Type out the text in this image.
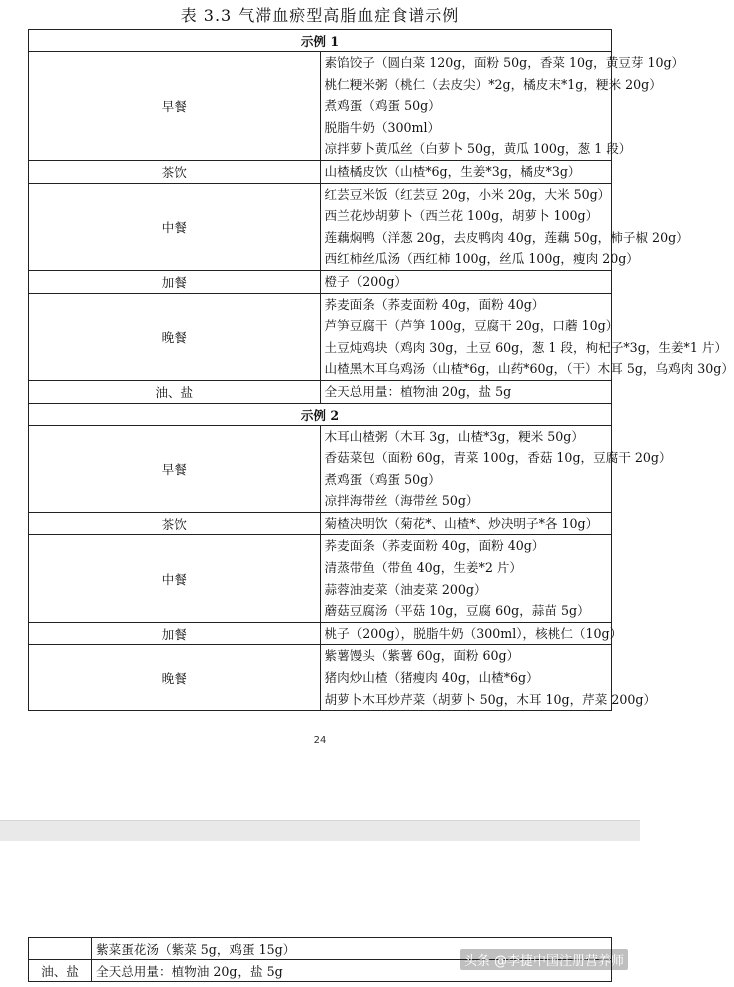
表 3.3 气滞血瘀型高脂血症食谱示例
示例 1	
早餐	素馅饺子（圆白菜 120g，面粉 50g，香菜 10g，黄豆芽 10g）
桃仁粳米粥（桃仁（去皮尖）*2g，橘皮末*1g，粳米 20g）
煮鸡蛋（鸡蛋 50g）
脱脂牛奶（300ml）
凉拌萝卜黄瓜丝（白萝卜 50g，黄瓜 100g，葱 1 段）

茶饮	山楂橘皮饮（山楂*6g，生姜*3g，橘皮*3g）

中餐	红芸豆米饭（红芸豆 20g，小米 20g，大米 50g）
西兰花炒胡萝卜（西兰花 100g，胡萝卜 100g）
莲藕焖鸭（洋葱 20g，去皮鸭肉 40g，莲藕 50g，柿子椒 20g）
西红柿丝瓜汤（西红柿 100g，丝瓜 100g，瘦肉 20g）

加餐	橙子（200g）

晚餐	荞麦面条（荞麦面粉 40g，面粉 40g）
芦笋豆腐干（芦笋 100g，豆腐干 20g，口蘑 10g）
土豆炖鸡块（鸡肉 30g，土豆 60g，葱 1 段，枸杞子*3g，生姜*1 片）
山楂黑木耳乌鸡汤（山楂*6g，山药*60g，（干）木耳 5g，乌鸡肉 30g）

油、盐	全天总用量：植物油 20g，盐 5g

示例 2	
早餐	木耳山楂粥（木耳 3g，山楂*3g，粳米 50g）
香菇菜包（面粉 60g，青菜 100g，香菇 10g，豆腐干 20g）
煮鸡蛋（鸡蛋 50g）
凉拌海带丝（海带丝 50g）

茶饮	菊楂决明饮（菊花*、山楂*、炒决明子*各 10g）

中餐	荞麦面条（荞麦面粉 40g，面粉 40g）
清蒸带鱼（带鱼 40g，生姜*2 片）
蒜蓉油麦菜（油麦菜 200g）
蘑菇豆腐汤（平菇 10g，豆腐 60g，蒜苗 5g）

加餐	桃子（200g），脱脂牛奶（300ml），核桃仁（10g）

晚餐	紫薯馒头（紫薯 60g，面粉 60g）
猪肉炒山楂（猪瘦肉 40g，山楂*6g）
胡萝卜木耳炒芹菜（胡萝卜 50g，木耳 10g，芹菜 200g）
24
	紫菜蛋花汤（紫菜 5g，鸡蛋 15g）
油、盐	全天总用量：植物油 20g，盐 5g
头条 @李捷中国注册营养师
